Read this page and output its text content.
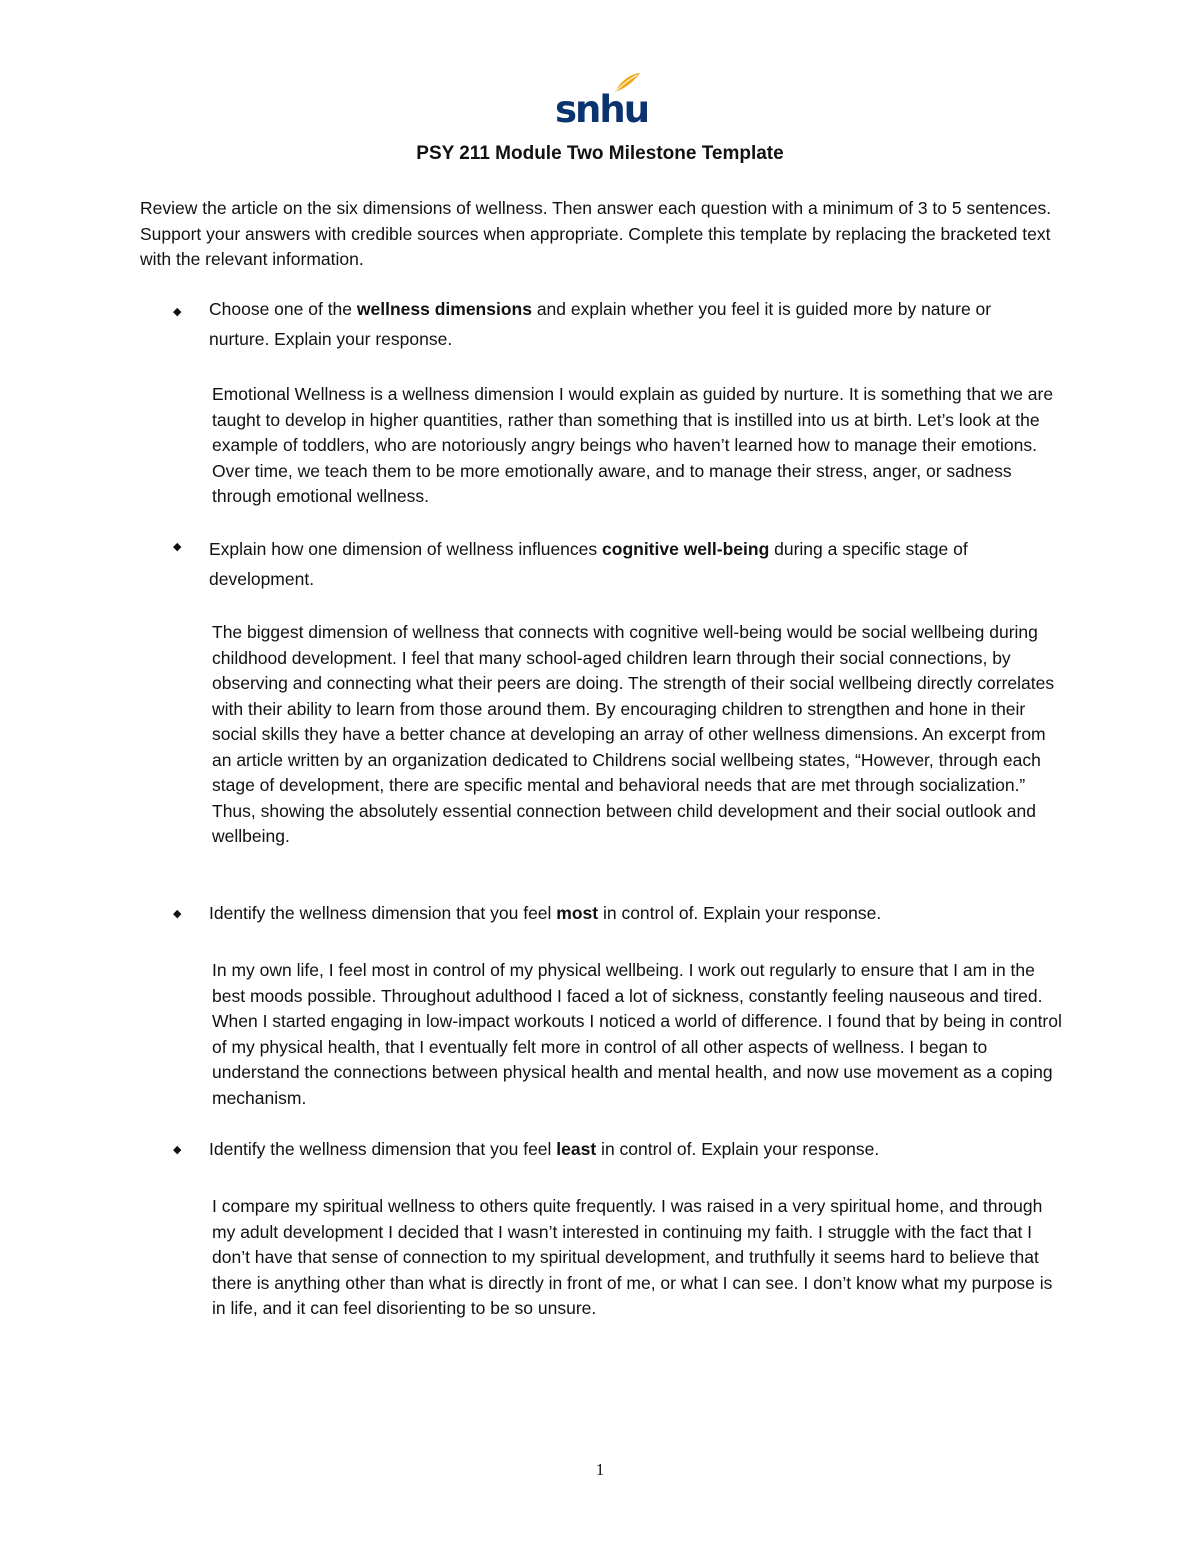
snhu
PSY 211 Module Two Milestone Template
Review the article on the six dimensions of wellness. Then answer each question with a minimum of 3 to 5 sentences. Support your answers with credible sources when appropriate. Complete this template by replacing the bracketed text with the relevant information.
◆ Choose one of the wellness dimensions and explain whether you feel it is guided more by nature or nurture. Explain your response.
Emotional Wellness is a wellness dimension I would explain as guided by nurture. It is something that we are taught to develop in higher quantities, rather than something that is instilled into us at birth. Let’s look at the example of toddlers, who are notoriously angry beings who haven’t learned how to manage their emotions. Over time, we teach them to be more emotionally aware, and to manage their stress, anger, or sadness through emotional wellness.
◆ Explain how one dimension of wellness influences cognitive well-being during a specific stage of development.
The biggest dimension of wellness that connects with cognitive well-being would be social wellbeing during childhood development. I feel that many school-aged children learn through their social connections, by observing and connecting what their peers are doing. The strength of their social wellbeing directly correlates with their ability to learn from those around them. By encouraging children to strengthen and hone in their social skills they have a better chance at developing an array of other wellness dimensions. An excerpt from an article written by an organization dedicated to Childrens social wellbeing states, “However, through each stage of development, there are specific mental and behavioral needs that are met through socialization.” Thus, showing the absolutely essential connection between child development and their social outlook and wellbeing.
◆ Identify the wellness dimension that you feel most in control of. Explain your response.
In my own life, I feel most in control of my physical wellbeing. I work out regularly to ensure that I am in the best moods possible. Throughout adulthood I faced a lot of sickness, constantly feeling nauseous and tired. When I started engaging in low-impact workouts I noticed a world of difference. I found that by being in control of my physical health, that I eventually felt more in control of all other aspects of wellness. I began to understand the connections between physical health and mental health, and now use movement as a coping mechanism.
◆ Identify the wellness dimension that you feel least in control of. Explain your response.
I compare my spiritual wellness to others quite frequently. I was raised in a very spiritual home, and through my adult development I decided that I wasn’t interested in continuing my faith. I struggle with the fact that I don’t have that sense of connection to my spiritual development, and truthfully it seems hard to believe that there is anything other than what is directly in front of me, or what I can see. I don’t know what my purpose is in life, and it can feel disorienting to be so unsure.
1
